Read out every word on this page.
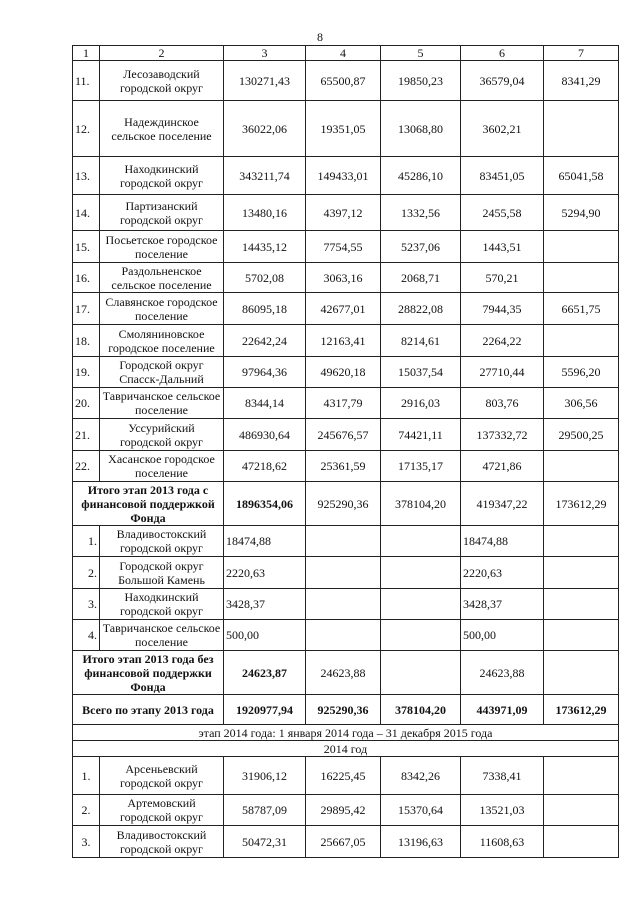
8
1	2	3	4	5	6	7
11.	Лесозаводский городской округ	130271,43	65500,87	19850,23	36579,04	8341,29
12.	Надеждинское сельское поселение	36022,06	19351,05	13068,80	3602,21	
13.	Находкинский городской округ	343211,74	149433,01	45286,10	83451,05	65041,58
14.	Партизанский городской округ	13480,16	4397,12	1332,56	2455,58	5294,90
15.	Посьетское городское поселение	14435,12	7754,55	5237,06	1443,51	
16.	Раздольненское сельское поселение	5702,08	3063,16	2068,71	570,21	
17.	Славянское городское поселение	86095,18	42677,01	28822,08	7944,35	6651,75
18.	Смоляниновское городское поселение	22642,24	12163,41	8214,61	2264,22	
19.	Городской округ Спасск-Дальний	97964,36	49620,18	15037,54	27710,44	5596,20
20.	Тавричанское сельское поселение	8344,14	4317,79	2916,03	803,76	306,56
21.	Уссурийский городской округ	486930,64	245676,57	74421,11	137332,72	29500,25
22.	Хасанское городское поселение	47218,62	25361,59	17135,17	4721,86	
Итого этап 2013 года с финансовой поддержкой Фонда		1896354,06	925290,36	378104,20	419347,22	173612,29
1.	Владивостокский городской округ	18474,88			18474,88	
2.	Городской округ Большой Камень	2220,63			2220,63	
3.	Находкинский городской округ	3428,37			3428,37	
4.	Тавричанское сельское поселение	500,00			500,00	
Итого этап 2013 года без финансовой поддержки Фонда		24623,87	24623,88		24623,88	
Всего по этапу 2013 года		1920977,94	925290,36	378104,20	443971,09	173612,29
этап 2014 года: 1 января 2014 года – 31 декабря 2015 года						
2014 год						
1.	Арсеньевский городской округ	31906,12	16225,45	8342,26	7338,41	
2.	Артемовский городской округ	58787,09	29895,42	15370,64	13521,03	
3.	Владивостокский городской округ	50472,31	25667,05	13196,63	11608,63	
